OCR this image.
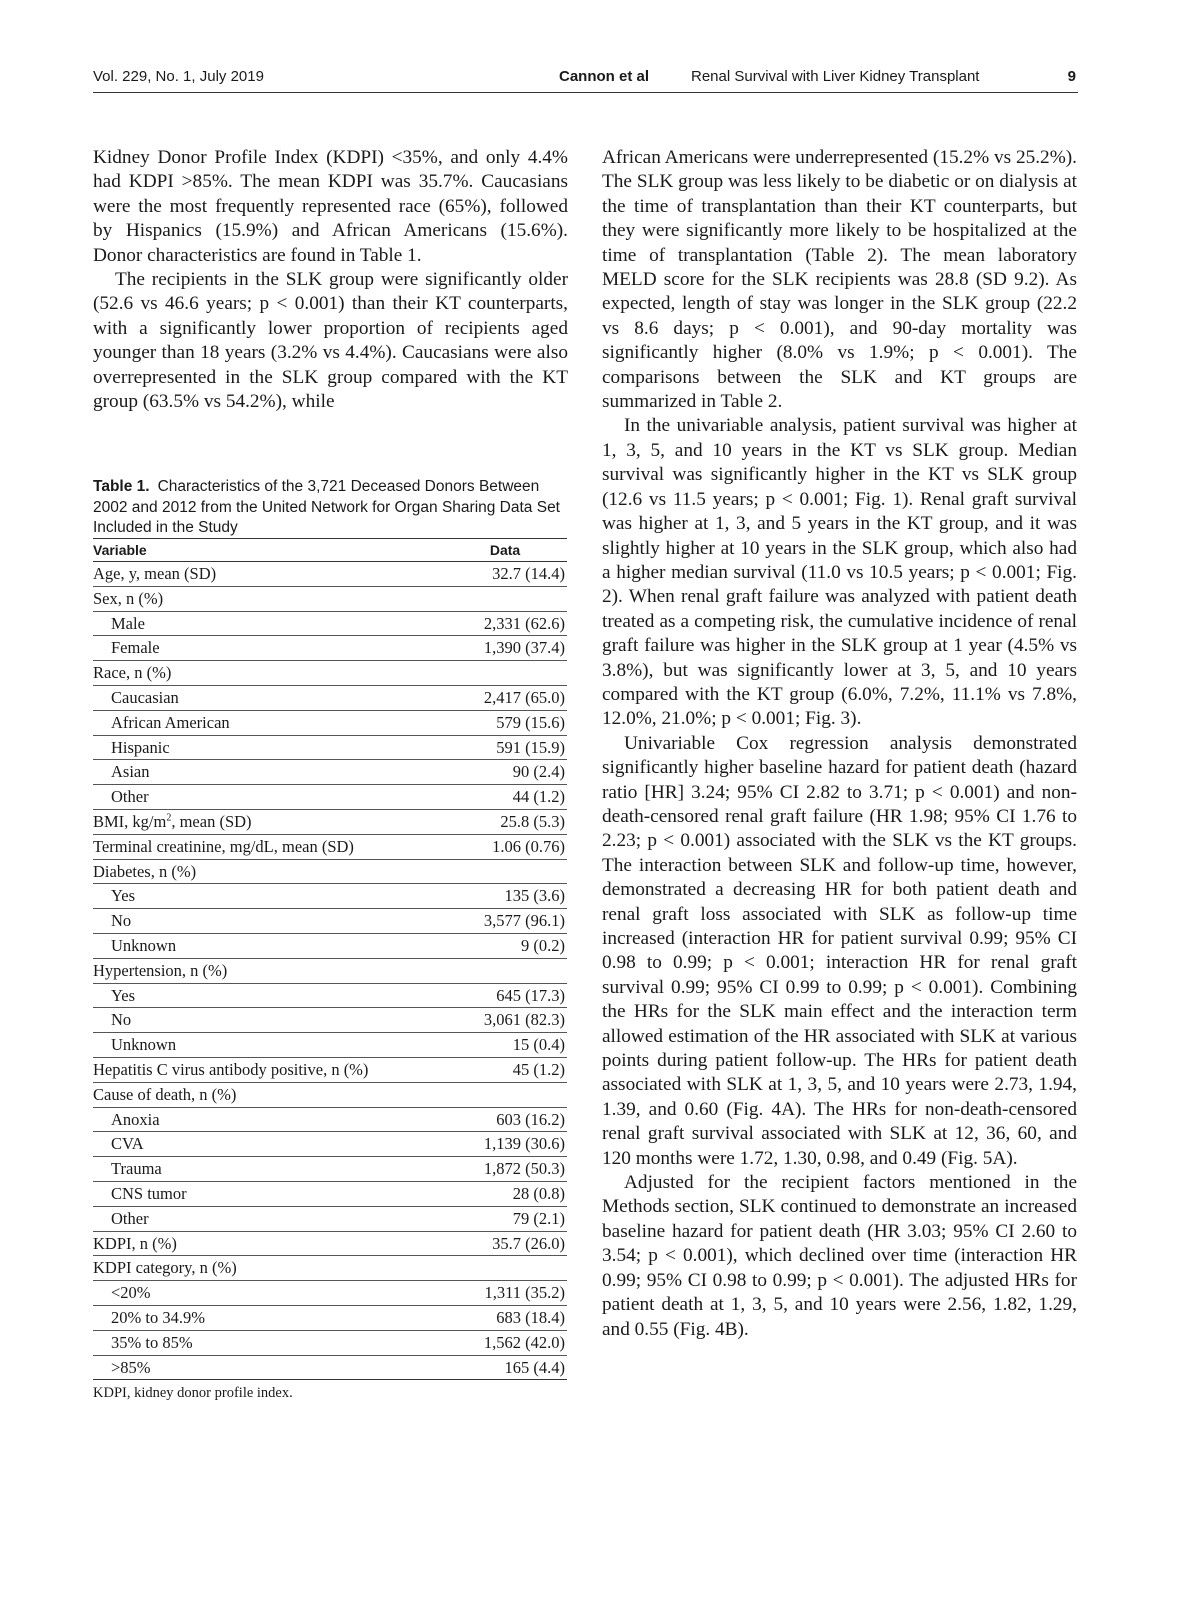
Vol. 229, No. 1, July 2019	Cannon et al	Renal Survival with Liver Kidney Transplant	9

Kidney Donor Profile Index (KDPI) <35%, and only 4.4% had KDPI >85%. The mean KDPI was 35.7%. Caucasians were the most frequently represented race (65%), followed by Hispanics (15.9%) and African Americans (15.6%). Donor characteristics are found in Table 1.

The recipients in the SLK group were significantly older (52.6 vs 46.6 years; p < 0.001) than their KT counterparts, with a significantly lower proportion of recipients aged younger than 18 years (3.2% vs 4.4%). Caucasians were also overrepresented in the SLK group compared with the KT group (63.5% vs 54.2%), while

Table 1. Characteristics of the 3,721 Deceased Donors Between 2002 and 2012 from the United Network for Organ Sharing Data Set Included in the Study
Variable	Data
Age, y, mean (SD)	32.7 (14.4)
Sex, n (%)	
Male	2,331 (62.6)
Female	1,390 (37.4)
Race, n (%)	
Caucasian	2,417 (65.0)
African American	579 (15.6)
Hispanic	591 (15.9)
Asian	90 (2.4)
Other	44 (1.2)
BMI, $kg/m^2$, mean (SD)	25.8 (5.3)
Terminal creatinine, mg/dL, mean (SD)	1.06 (0.76)
Diabetes, n (%)	
Yes	135 (3.6)
No	3,577 (96.1)
Unknown	9 (0.2)
Hypertension, n (%)	
Yes	645 (17.3)
No	3,061 (82.3)
Unknown	15 (0.4)
Hepatitis C virus antibody positive, n (%)	45 (1.2)
Cause of death, n (%)	
Anoxia	603 (16.2)
CVA	1,139 (30.6)
Trauma	1,872 (50.3)
CNS tumor	28 (0.8)
Other	79 (2.1)
KDPI, n (%)	35.7 (26.0)
KDPI category, n (%)	
<20%	1,311 (35.2)
20% to 34.9%	683 (18.4)
35% to 85%	1,562 (42.0)
>85%	165 (4.4)
KDPI, kidney donor profile index.

African Americans were underrepresented (15.2% vs 25.2%). The SLK group was less likely to be diabetic or on dialysis at the time of transplantation than their KT counterparts, but they were significantly more likely to be hospitalized at the time of transplantation (Table 2). The mean laboratory MELD score for the SLK recipients was 28.8 (SD 9.2). As expected, length of stay was longer in the SLK group (22.2 vs 8.6 days; p < 0.001), and 90-day mortality was significantly higher (8.0% vs 1.9%; p < 0.001). The comparisons between the SLK and KT groups are summarized in Table 2.

In the univariable analysis, patient survival was higher at 1, 3, 5, and 10 years in the KT vs SLK group. Median survival was significantly higher in the KT vs SLK group (12.6 vs 11.5 years; p < 0.001; Fig. 1). Renal graft survival was higher at 1, 3, and 5 years in the KT group, and it was slightly higher at 10 years in the SLK group, which also had a higher median survival (11.0 vs 10.5 years; p < 0.001; Fig. 2). When renal graft failure was analyzed with patient death treated as a competing risk, the cumulative incidence of renal graft failure was higher in the SLK group at 1 year (4.5% vs 3.8%), but was significantly lower at 3, 5, and 10 years compared with the KT group (6.0%, 7.2%, 11.1% vs 7.8%, 12.0%, 21.0%; p < 0.001; Fig. 3).

Univariable Cox regression analysis demonstrated significantly higher baseline hazard for patient death (hazard ratio [HR] 3.24; 95% CI 2.82 to 3.71; p < 0.001) and non-death-censored renal graft failure (HR 1.98; 95% CI 1.76 to 2.23; p < 0.001) associated with the SLK vs the KT groups. The interaction between SLK and follow-up time, however, demonstrated a decreasing HR for both patient death and renal graft loss associated with SLK as follow-up time increased (interaction HR for patient survival 0.99; 95% CI 0.98 to 0.99; p < 0.001; interaction HR for renal graft survival 0.99; 95% CI 0.99 to 0.99; p < 0.001). Combining the HRs for the SLK main effect and the interaction term allowed estimation of the HR associated with SLK at various points during patient follow-up. The HRs for patient death associated with SLK at 1, 3, 5, and 10 years were 2.73, 1.94, 1.39, and 0.60 (Fig. 4A). The HRs for non-death-censored renal graft survival associated with SLK at 12, 36, 60, and 120 months were 1.72, 1.30, 0.98, and 0.49 (Fig. 5A).

Adjusted for the recipient factors mentioned in the Methods section, SLK continued to demonstrate an increased baseline hazard for patient death (HR 3.03; 95% CI 2.60 to 3.54; p < 0.001), which declined over time (interaction HR 0.99; 95% CI 0.98 to 0.99; p < 0.001). The adjusted HRs for patient death at 1, 3, 5, and 10 years were 2.56, 1.82, 1.29, and 0.55 (Fig. 4B).
